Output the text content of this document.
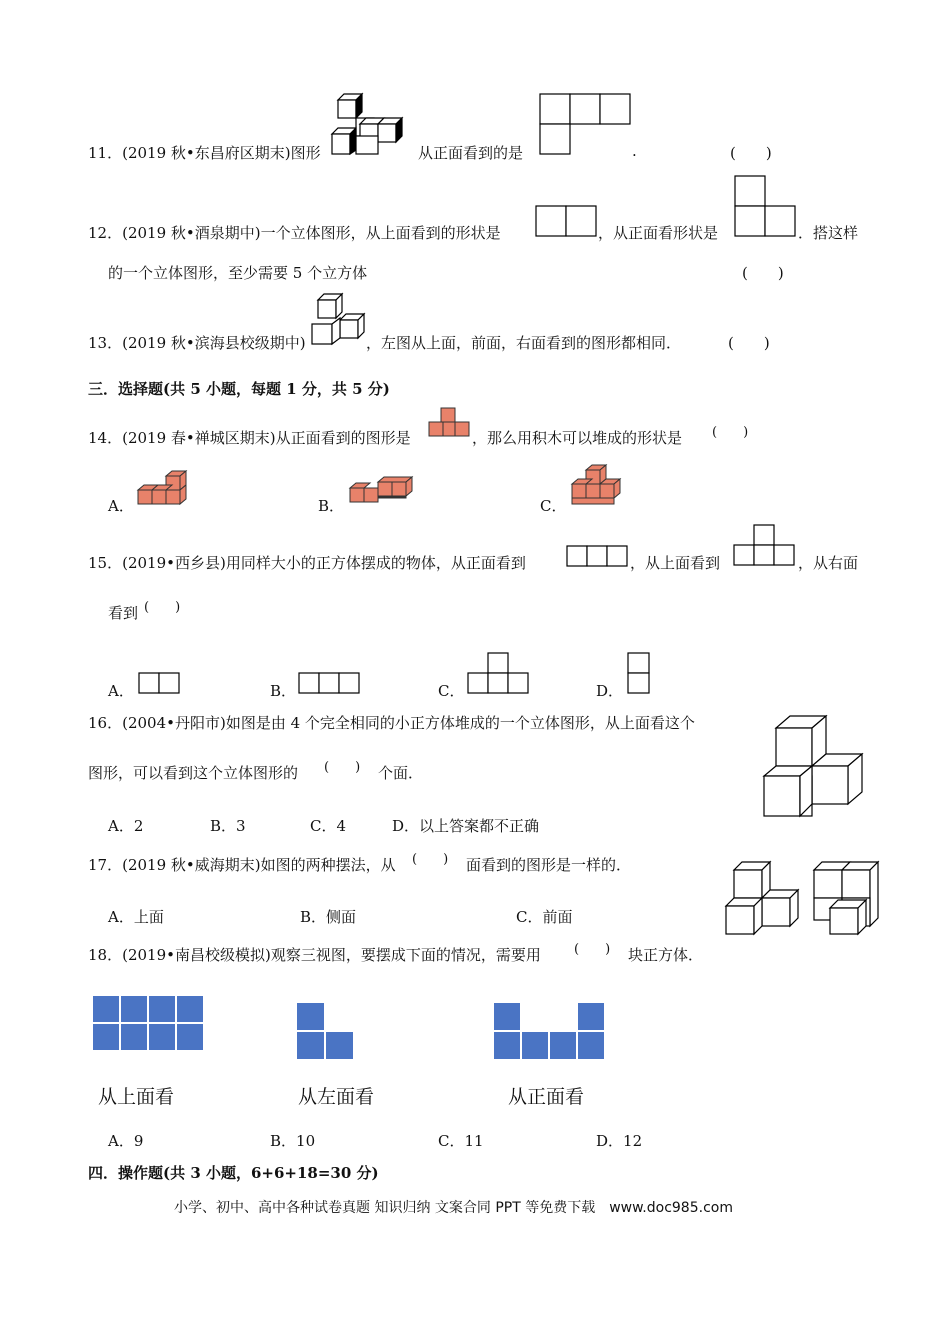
11．(2019 秋•东昌府区期末)图形	从正面看到的是	.	(　　)
12．(2019 秋•酒泉期中)一个立体图形，从上面看到的形状是	，从正面看形状是	．搭这样
的一个立体图形，至少需要 5 个立方体	(　　)
13．(2019 秋•滨海县校级期中)	，左图从上面，前面，右面看到的图形都相同．	(　　)
三．选择题(共 5 小题，每题 1 分，共 5 分)
14．(2019 春•禅城区期末)从正面看到的图形是	，那么用积木可以堆成的形状是 (　　)
A．	B．	C．
15．(2019•西乡县)用同样大小的正方体摆成的物体，从正面看到	，从上面看到	，从右面
看到 (　　)
A．	B．	C．	D．
16．(2004•丹阳市)如图是由 4 个完全相同的小正方体堆成的一个立体图形，从上面看这个
图形，可以看到这个立体图形的 (　　) 个面．
A．2	B．3	C．4	D．以上答案都不正确
17．(2019 秋•威海期末)如图的两种摆法，从 (　　) 面看到的图形是一样的．
A．上面	B．侧面	C．前面
18．(2019•南昌校级模拟)观察三视图，要摆成下面的情况，需要用	(　　) 块正方体．
从上面看	从左面看	从正面看
A．9	B．10	C．11	D．12
四．操作题(共 3 小题，6+6+18=30 分)
小学、初中、高中各种试卷真题 知识归纳 文案合同 PPT 等免费下载　www.doc985.com
